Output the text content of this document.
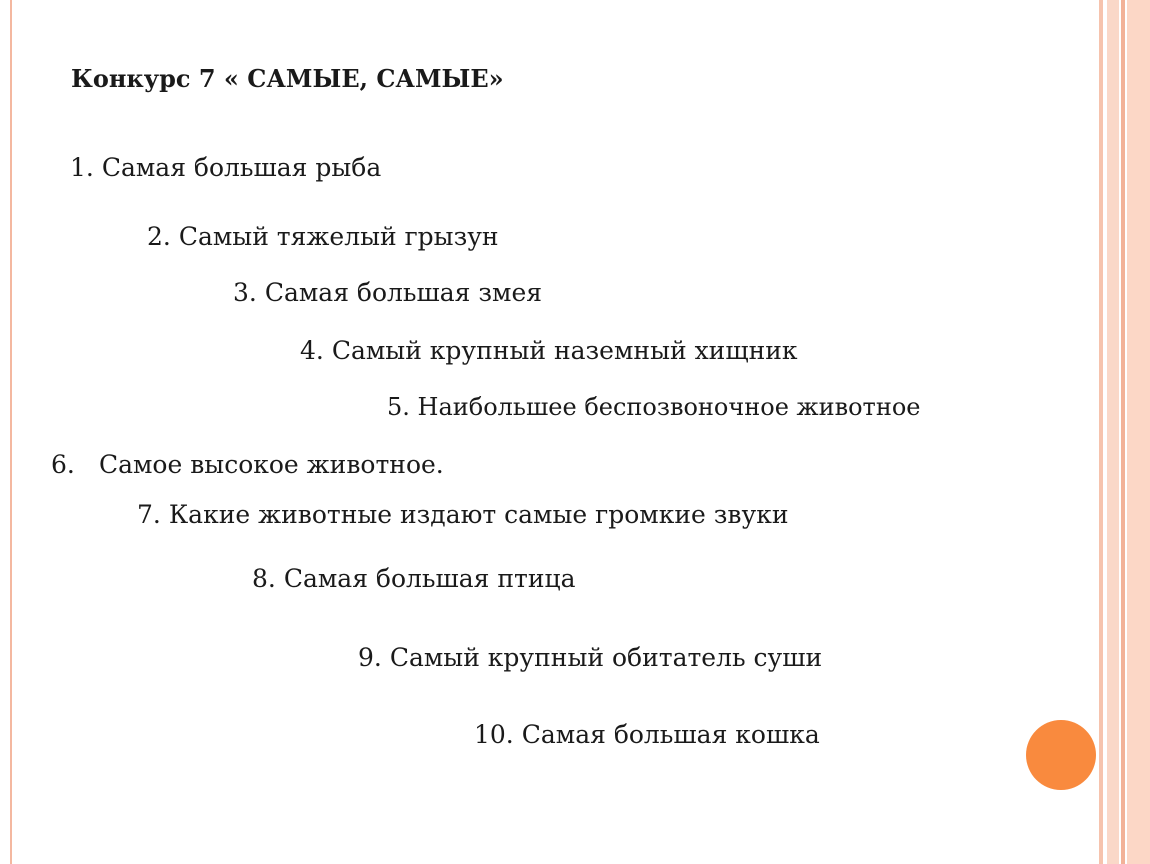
Конкурс 7 « САМЫЕ, САМЫЕ»
1. Самая большая рыба
2. Самый тяжелый грызун
3. Самая большая змея
4. Самый крупный наземный хищник
5. Наибольшее беспозвоночное животное
6. Самое высокое животное.
7. Какие животные издают самые громкие звуки
8. Самая большая птица
9. Самый крупный обитатель суши
10. Самая большая кошка
